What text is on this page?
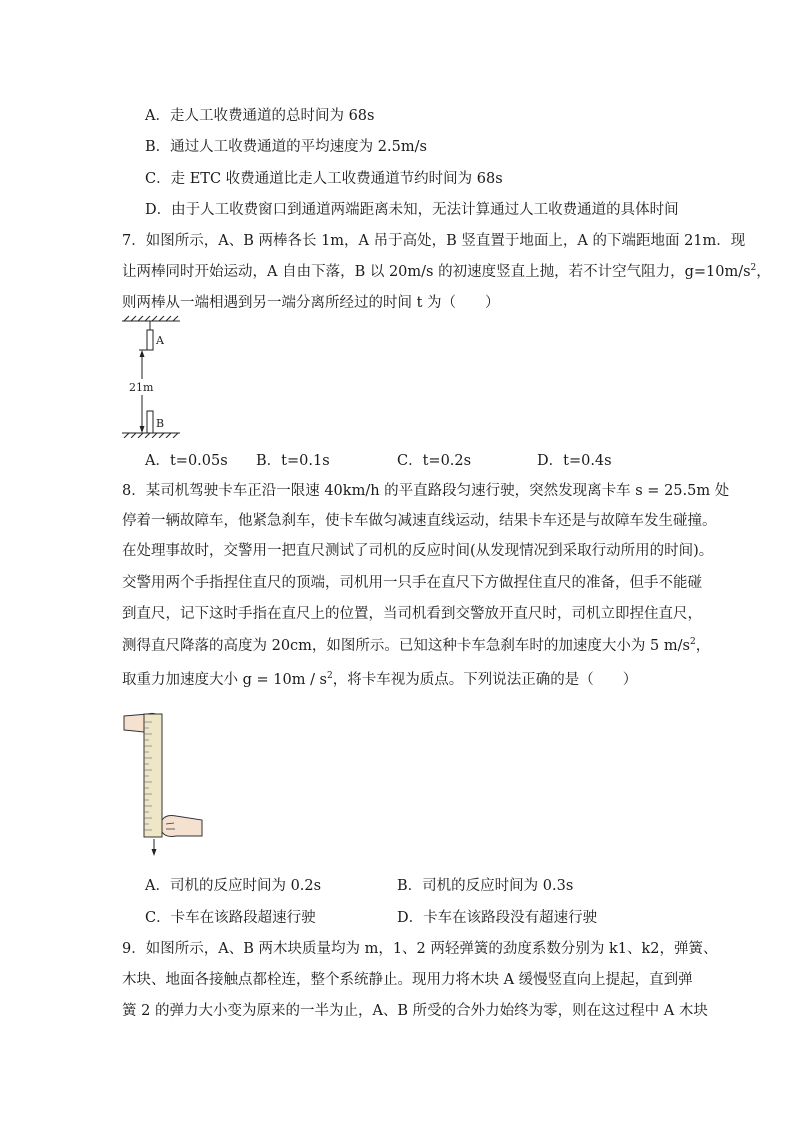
A．走人工收费通道的总时间为 68s
B．通过人工收费通道的平均速度为 2.5m/s
C．走 ETC 收费通道比走人工收费通道节约时间为 68s
D．由于人工收费窗口到通道两端距离未知，无法计算通过人工收费通道的具体时间
7．如图所示，A、B 两棒各长 1m，A 吊于高处，B 竖直置于地面上，A 的下端距地面 21m．现
让两棒同时开始运动，A 自由下落，B 以 20m/s 的初速度竖直上抛，若不计空气阻力，$g=10m/s^2$，
则两棒从一端相遇到另一端分离所经过的时间 t 为（　　）
A
B
21m
A．t=0.05s B．t=0.1s	C．t=0.2s	D．t=0.4s
8．某司机驾驶卡车正沿一限速 40km/h 的平直路段匀速行驶，突然发现离卡车 s = 25.5m 处
停着一辆故障车，他紧急刹车，使卡车做匀减速直线运动，结果卡车还是与故障车发生碰撞。
在处理事故时，交警用一把直尺测试了司机的反应时间(从发现情况到采取行动所用的时间)。
交警用两个手指捏住直尺的顶端，司机用一只手在直尺下方做捏住直尺的准备，但手不能碰
到直尺，记下这时手指在直尺上的位置，当司机看到交警放开直尺时，司机立即捏住直尺，
测得直尺降落的高度为 20cm，如图所示。已知这种卡车急刹车时的加速度大小为 5 $m/s^2$，
取重力加速度大小 $g = 10m / s^2$，将卡车视为质点。下列说法正确的是（　　）
A．司机的反应时间为 0.2s	B．司机的反应时间为 0.3s
C．卡车在该路段超速行驶	D．卡车在该路段没有超速行驶
9．如图所示，A、B 两木块质量均为 m，1、2 两轻弹簧的劲度系数分别为 k1、k2，弹簧、
木块、地面各接触点都栓连，整个系统静止。现用力将木块 A 缓慢竖直向上提起，直到弹
簧 2 的弹力大小变为原来的一半为止，A、B 所受的合外力始终为零，则在这过程中 A 木块
